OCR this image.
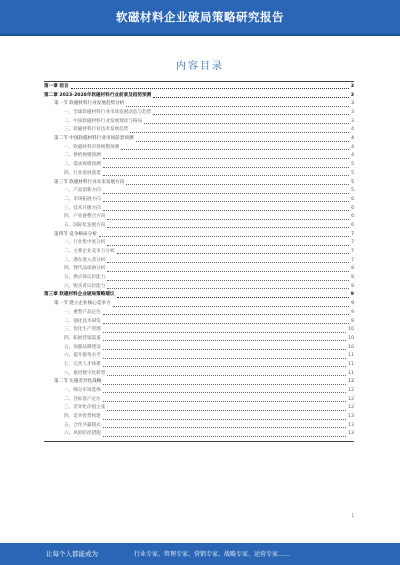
软磁材料企业破局策略研究报告
内容目录
第一章 前言	3
第二章 2023-2028年软磁材料行业前景及趋势预测	3
第一节 软磁材料行业发展趋势分析	3
一、全球软磁材料行业市场发展动态与趋势	3
二、中国软磁材料行业发展现状与格局	3
三、软磁材料行业技术发展趋势	4
第二节 中国软磁材料行业市场前景预测	4
一、软磁材料市场规模预测	4
二、供给规模预测	4
三、需求规模预测	5
四、行业发展前景	5
第三节 软磁材料行业未来发展方向	5
一、产品创新方向	5
二、市场拓展方向	6
三、技术升级方向	6
四、产业链整合方向	6
五、国际化发展方向	6
第四节 竞争格局分析	7
一、行业集中度分析	7
二、主要企业竞争力分析	7
三、潜在进入者分析	7
四、替代品威胁分析	8
五、供应商议价能力	8
六、购买者议价能力	8
第三章 软磁材料企业破局策略建议	9
第一节 建立企业核心竞争力	9
一、重塑产品定位	9
二、强化技术研发	9
三、优化生产管理	10
四、拓展营销渠道	10
五、加强品牌建设	10
六、提升服务水平	11
七、完善人才体系	11
八、推进数字化转型	11
第二节 实施差异化战略	12
一、细分市场选择	12
二、目标客户定位	12
三、差异化价值主张	12
四、竞争优势构建	13
五、合作共赢模式	13
六、风险防控措施	13
1
让每个人都能成为	行业专家、管理专家、营销专家、战略专家、运营专家……
